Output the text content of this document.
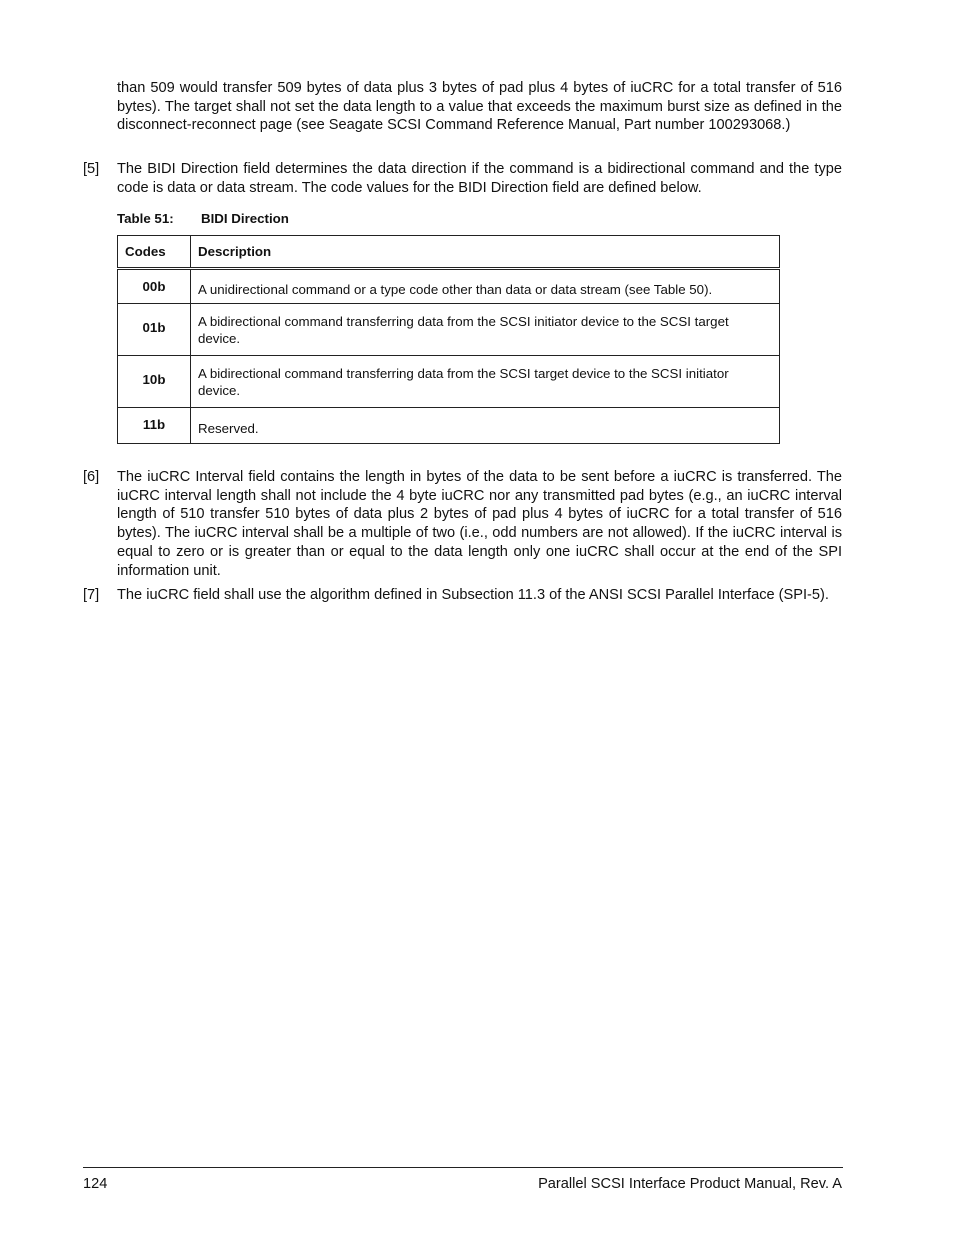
than 509 would transfer 509 bytes of data plus 3 bytes of pad plus 4 bytes of iuCRC for a total transfer of 516 bytes). The target shall not set the data length to a value that exceeds the maximum burst size as defined in the disconnect-reconnect page (see Seagate SCSI Command Reference Manual, Part number 100293068.)

[5] The BIDI Direction field determines the data direction if the command is a bidirectional command and the type code is data or data stream. The code values for the BIDI Direction field are defined below.

Table 51: BIDI Direction
Codes	Description
00b	A unidirectional command or a type code other than data or data stream (see Table 50).
01b	A bidirectional command transferring data from the SCSI initiator device to the SCSI target device.
10b	A bidirectional command transferring data from the SCSI target device to the SCSI initiator device.
11b	Reserved.
[6] The iuCRC Interval field contains the length in bytes of the data to be sent before a iuCRC is transferred. The iuCRC interval length shall not include the 4 byte iuCRC nor any transmitted pad bytes (e.g., an iuCRC interval length of 510 transfer 510 bytes of data plus 2 bytes of pad plus 4 bytes of iuCRC for a total transfer of 516 bytes). The iuCRC interval shall be a multiple of two (i.e., odd numbers are not allowed). If the iuCRC interval is equal to zero or is greater than or equal to the data length only one iuCRC shall occur at the end of the SPI information unit.

[7] The iuCRC field shall use the algorithm defined in Subsection 11.3 of the ANSI SCSI Parallel Interface (SPI-5).

124	Parallel SCSI Interface Product Manual, Rev. A
